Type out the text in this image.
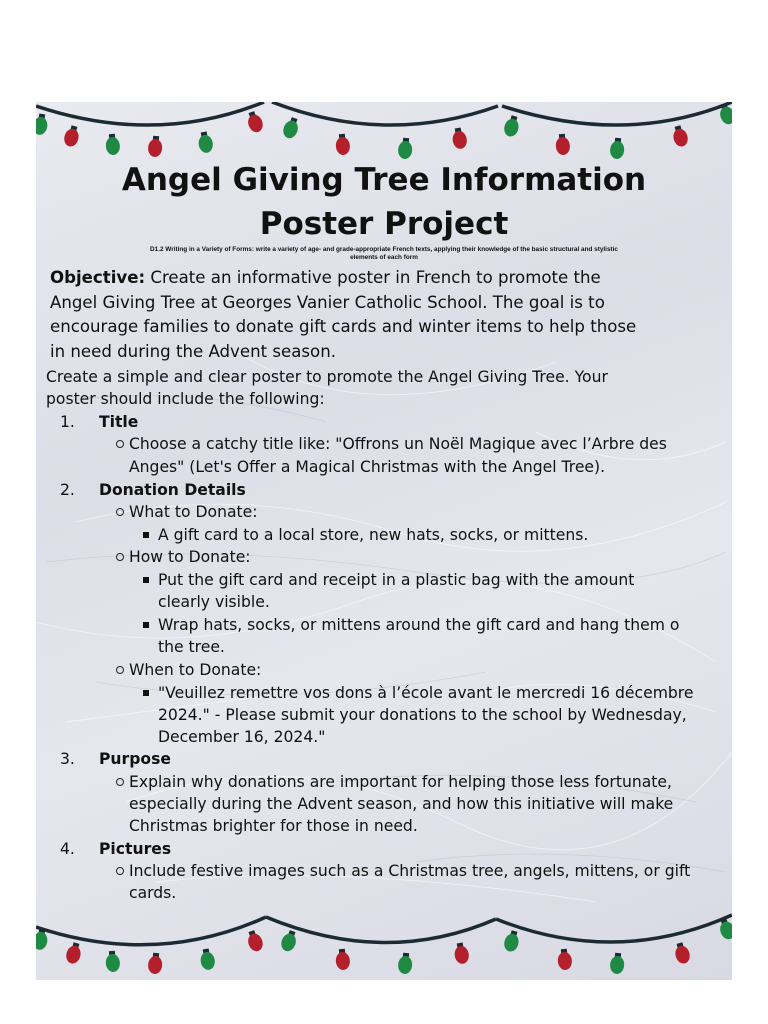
Angel Giving Tree Information
Poster Project
D1.2 Writing in a Variety of Forms: write a variety of age- and grade-appropriate French texts, applying their knowledge of the basic structural and stylistic
elements of each form
Objective: Create an informative poster in French to promote the
Angel Giving Tree at Georges Vanier Catholic School. The goal is to
encourage families to donate gift cards and winter items to help those
in need during the Advent season.
Create a simple and clear poster to promote the Angel Giving Tree. Your
poster should include the following:
1.	Title
Choose a catchy title like: "Offrons un Noël Magique avec l’Arbre des
Anges" (Let's Offer a Magical Christmas with the Angel Tree).
2.	Donation Details
What to Donate:
A gift card to a local store, new hats, socks, or mittens.
How to Donate:
Put the gift card and receipt in a plastic bag with the amount
clearly visible.
Wrap hats, socks, or mittens around the gift card and hang them o
the tree.
When to Donate:
"Veuillez remettre vos dons à l’école avant le mercredi 16 décembre
2024." - Please submit your donations to the school by Wednesday,
December 16, 2024."
3.	Purpose
Explain why donations are important for helping those less fortunate,
especially during the Advent season, and how this initiative will make
Christmas brighter for those in need.
4.	Pictures
Include festive images such as a Christmas tree, angels, mittens, or gift
cards.
